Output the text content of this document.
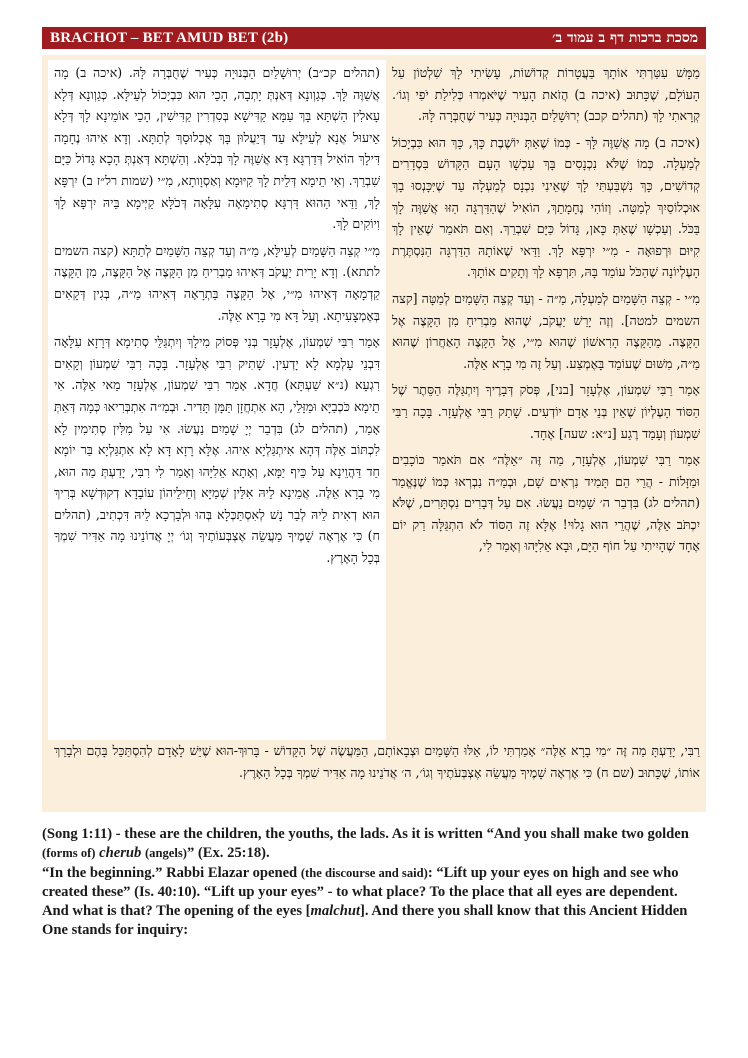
BRACHOT – BET AMUD BET (2b)	מסכת ברכות דף ב עמוד ב׳

(תהלים קכ״ב) יְרוּשָׁלַיִם הַבְּנוּיָה כְּעִיר שֶׁחֻבְּרָה לָּהּ. (איכה ב) מָה אֲשַׁוֶּה לָּךְ. כְּגַוְונָא דְּאַנְתְּ יָתְבָה, הָכֵי הוּא כִּבְיָכוֹל לְעֵילָּא. כְּגַוְונָא דְּלָא עָאלִין הַשְׁתָּא בָּךְ עַמָּא קַדִּישָׁא בְּסִדְרִין קַדִּישִׁין, הָכֵי אוֹמֵינָא לָךְ דְּלָא אֵיעוּל אֲנָא לְעֵילָּא עַד דְּיֵעֲלוּן בָּךְ אֲכְלוּסָךְ לְתַתָּא. וְדָא אִיהוּ נֶחָמָה דִּילָךְ הוֹאִיל דְּדַרְגָּא דָּא אֲשַׁוֶּה לָךְ בְּכֹלָּא. וְהַשְׁתָּא דְּאַנְתְּ הָכָא גָּדוֹל כַּיָּם שִׁבְרֵךְ. וְאִי תֵימָא דְּלֵית לָךְ קִיּוּמָא וְאַסְוָותָא, מִ״י (שמות רל״ז ב) יִרְפָּא לָךְ, וַדַּאי הַהוּא דַּרְגָּא סְתִימָאָה עִלָּאָה דְּכֹלָּא קַיְּימָא בֵּיהּ יִרְפָּא לָךְ וִיוֹקִים לָךְ.

מִ״י קְצֵה הַשָּׁמַיִם לְעֵילָּא, מַ״ה וְעַד קְצֵה הַשָּׁמַיִם לְתַתָּא (קצה השמים לתתא). וְדָא יָרִית יַעֲקֹב דְּאִיהוּ מַבְרִיחַ מִן הַקָּצֶה אֶל הַקָּצֶה, מִן הַקָּצֶה קַדְמָאָה דְּאִיהוּ מִ״י, אֶל הַקָּצֶה בַּתְרָאָה דְּאִיהוּ מַ״ה, בְּגִין דְּקָאִים בְּאֶמְצָעִיתָא. וְעַל דָּא מִי בָרָא אֵלֶּה.

אָמַר רִבִּי שִׁמְעוֹן, אֶלְעָזָר בְּנִי פְּסוֹק מִילָךְ וְיִתְגַּלֵּי סְתִימָא דְּרָזָא עִלָּאָה דִּבְנֵי עָלְמָא לָא יָדְעִין. שָׁתִיק רִבִּי אֶלְעָזָר. בָּכָה רִבִּי שִׁמְעוֹן וְקָאִים רִגְעָא (נ״א שַׁעְתָּא) חֲדָא. אָמַר רִבִּי שִׁמְעוֹן, אֶלְעָזָר מַאי אֵלֶּה. אִי תֵימָא כֹּכְבַיָּא וּמַזָּלֵי, הָא אִתְחֲזָן תַּמָּן תָּדִיר. וּבְמַ״ה אִתְבְּרִיאוּ כְּמָה דְּאַתְּ אָמַר, (תהלים לג) בִּדְבַר יְיָ שָׁמַיִם נַעֲשׂוּ. אִי עַל מִלִּין סְתִימִין לָא לִכְתּוֹב אֵלֶּה דְּהָא אִיתְגַּלְיָא אִיהוּ. אֶלָּא רָזָא דָּא לָא אִתְגַּלְיָא בַּר יוֹמָא חַד דַּהֲוֵינָא עַל כֵּיף יַמָּא, וְאָתָא אֵלִיָּהוּ וְאָמַר לִי רִבִּי, יָדַעְתְּ מַה הוּא, מִי בָרָא אֵלֶּה. אֲמֵינָא לֵיהּ אִלֵּין שְׁמַיָּא וְחֵילֵיהוֹן עוֹבָדָא דְקוּדְשָׁא בְּרִיךְ הוּא דְאִית לֵיהּ לְבַר נָשׁ לְאִסְתַּכְּלָא בְּהוּ וּלְבָרְכָא לֵיהּ דִּכְתִיב, (תהלים ח) כִּי אֶרְאֶה שָׁמֶיךָ מַעֲשֵׂה אֶצְבְּעוֹתֶיךָ וְגוֹ׳ יְיָ אֲדוֹנֵינוּ מָה אַדִּיר שִׁמְךָ בְּכָל הָאָרֶץ.

מַמָּשׁ עִטַּרְתִּי אוֹתָךְ בַּעֲטָרוֹת קְדוֹשׁוֹת, עָשִׂיתִי לָךְ שִׁלְטוֹן עַל הָעוֹלָם, שֶׁכָּתוּב (איכה ב) הֲזֹאת הָעִיר שֶׁיֹּאמְרוּ כְּלִילַת יֹפִי וְגוֹ׳. קְרָאתִי לָךְ (תהלים קכב) יְרוּשָׁלַיִם הַבְּנוּיָה כְּעִיר שֶׁחֻבְּרָה לָּהּ.

(איכה ב) מָה אֲשַׁוֶּה לָּךְ - כְּמוֹ שֶׁאַתְּ יוֹשֶׁבֶת כָּךְ, כָּךְ הוּא כִּבְיָכוֹל לְמַעְלָה. כְּמוֹ שֶׁלֹּא נִכְנָסִים בָּךְ עַכְשָׁו הָעָם הַקָּדוֹשׁ בִּסְדָרִים קְדוֹשִׁים, כָּךְ נִשְׁבַּעְתִּי לָךְ שֶׁאֵינִי נִכְנָס לְמַעְלָה עַד שֶׁיִּכָּנְסוּ בָךְ אוּכְלוֹסַיִךְ לְמַטָּה. וְזוֹהִי נֶחָמָתֵךְ, הוֹאִיל שֶׁהַדַּרְגָּה הַזּוּ אֲשַׁוֶּה לָךְ בַּכֹּל. וְעַכְשָׁו שֶׁאַתְּ כָּאן, גָּדוֹל כַּיָּם שִׁבְרֵךְ. וְאִם תֹּאמַר שֶׁאֵין לָךְ קִיּוּם וּרְפוּאָה - מִ״י יִרְפָּא לָךְ. וַדַּאי שֶׁאוֹתָהּ הַדַּרְגָּה הַנִּסְתֶּרֶת הָעֶלְיוֹנָה שֶׁהַכֹּל עוֹמֵד בָּהּ, תִּרְפָּא לָךְ וְתָקִים אוֹתָךְ.

מִ״י - קְצֵה הַשָּׁמַיִם לְמַעְלָה, מַ״ה - וְעַד קְצֵה הַשָּׁמַיִם לְמַטָּה [קצה השמים למטה]. וְזֶה יָרַשׁ יַעֲקֹב, שֶׁהוּא מַבְרִיחַ מִן הַקָּצֶה אֶל הַקָּצֶה. מֵהַקָּצֶה הָרִאשׁוֹן שֶׁהוּא מִ״י, אֶל הַקָּצֶה הָאַחֲרוֹן שֶׁהוּא מַ״ה, מִשּׁוּם שֶׁעוֹמֵד בָּאֶמְצַע. וְעַל זֶה מִי בָרָא אֵלֶּה.

אָמַר רַבִּי שִׁמְעוֹן, אֶלְעָזָר [בני], פְּסֹק דְּבָרֶיךָ וְיִתְגַּלֶּה הַסֵּתֶר שֶׁל הַסּוֹד הָעֶלְיוֹן שֶׁאֵין בְּנֵי אָדָם יוֹדְעִים. שָׁתַק רַבִּי אֶלְעָזָר. בָּכָה רַבִּי שִׁמְעוֹן וְעָמַד רֶגַע [נ״א: שעה] אֶחָד.

אָמַר רַבִּי שִׁמְעוֹן, אֶלְעָזָר, מַה זֶּה ״אֵלֶּה״ אִם תֹּאמַר כּוֹכָבִים וּמַזָּלוֹת - הֲרֵי הֵם תָּמִיד נִרְאִים שָׁם, וּבְמַ״ה נִבְרְאוּ כְּמוֹ שֶׁנֶּאֱמַר (תהלים לג) בִּדְבַר ה׳ שָׁמַיִם נַעֲשׂוּ. אִם עַל דְּבָרִים נִסְתָּרִים, שֶׁלֹּא יִכְתֹּב אֵלֶּה, שֶׁהֲרֵי הוּא גָלוּי! אֶלָּא זֶה הַסּוֹד לֹא הִתְגַּלָּה רַק יוֹם אֶחָד שֶׁהָיִיתִי עַל חוֹף הַיָּם, וּבָא אֵלִיָּהוּ וְאָמַר לִי,

רַבִּי, יָדַעְתָּ מַה זֶּה ״מִי בָרָא אֵלֶּה״ אָמַרְתִּי לוֹ, אֵלּוּ הַשָּׁמַיִם וּצְבָאוֹתָם, הַמַּעֲשֶׂה שֶׁל הַקָּדוֹשׁ - בָּרוּךְ-הוּא שֶׁיֵּשׁ לָאָדָם לְהִסְתַּכֵּל בָּהֶם וּלְבָרֵךְ אוֹתוֹ, שֶׁכָּתוּב (שם ח) כִּי אֶרְאֶה שָׁמֶיךָ מַעֲשֵׂה אֶצְבְּעֹתֶיךָ וְגוֹ׳, ה׳ אֲדֹנֵינוּ מָה אַדִּיר שִׁמְךָ בְּכָל הָאָרֶץ.

(Song 1:11) - these are the children, the youths, the lads. As it is written “And you shall make two golden (forms of) cherub (angels)” (Ex. 25:18).

“In the beginning.” Rabbi Elazar opened (the discourse and said): “Lift up your eyes on high and see who created these” (Is. 40:10). “Lift up your eyes” - to what place? To the place that all eyes are dependent. And what is that? The opening of the eyes [malchut]. And there you shall know that this Ancient Hidden One stands for inquiry:
